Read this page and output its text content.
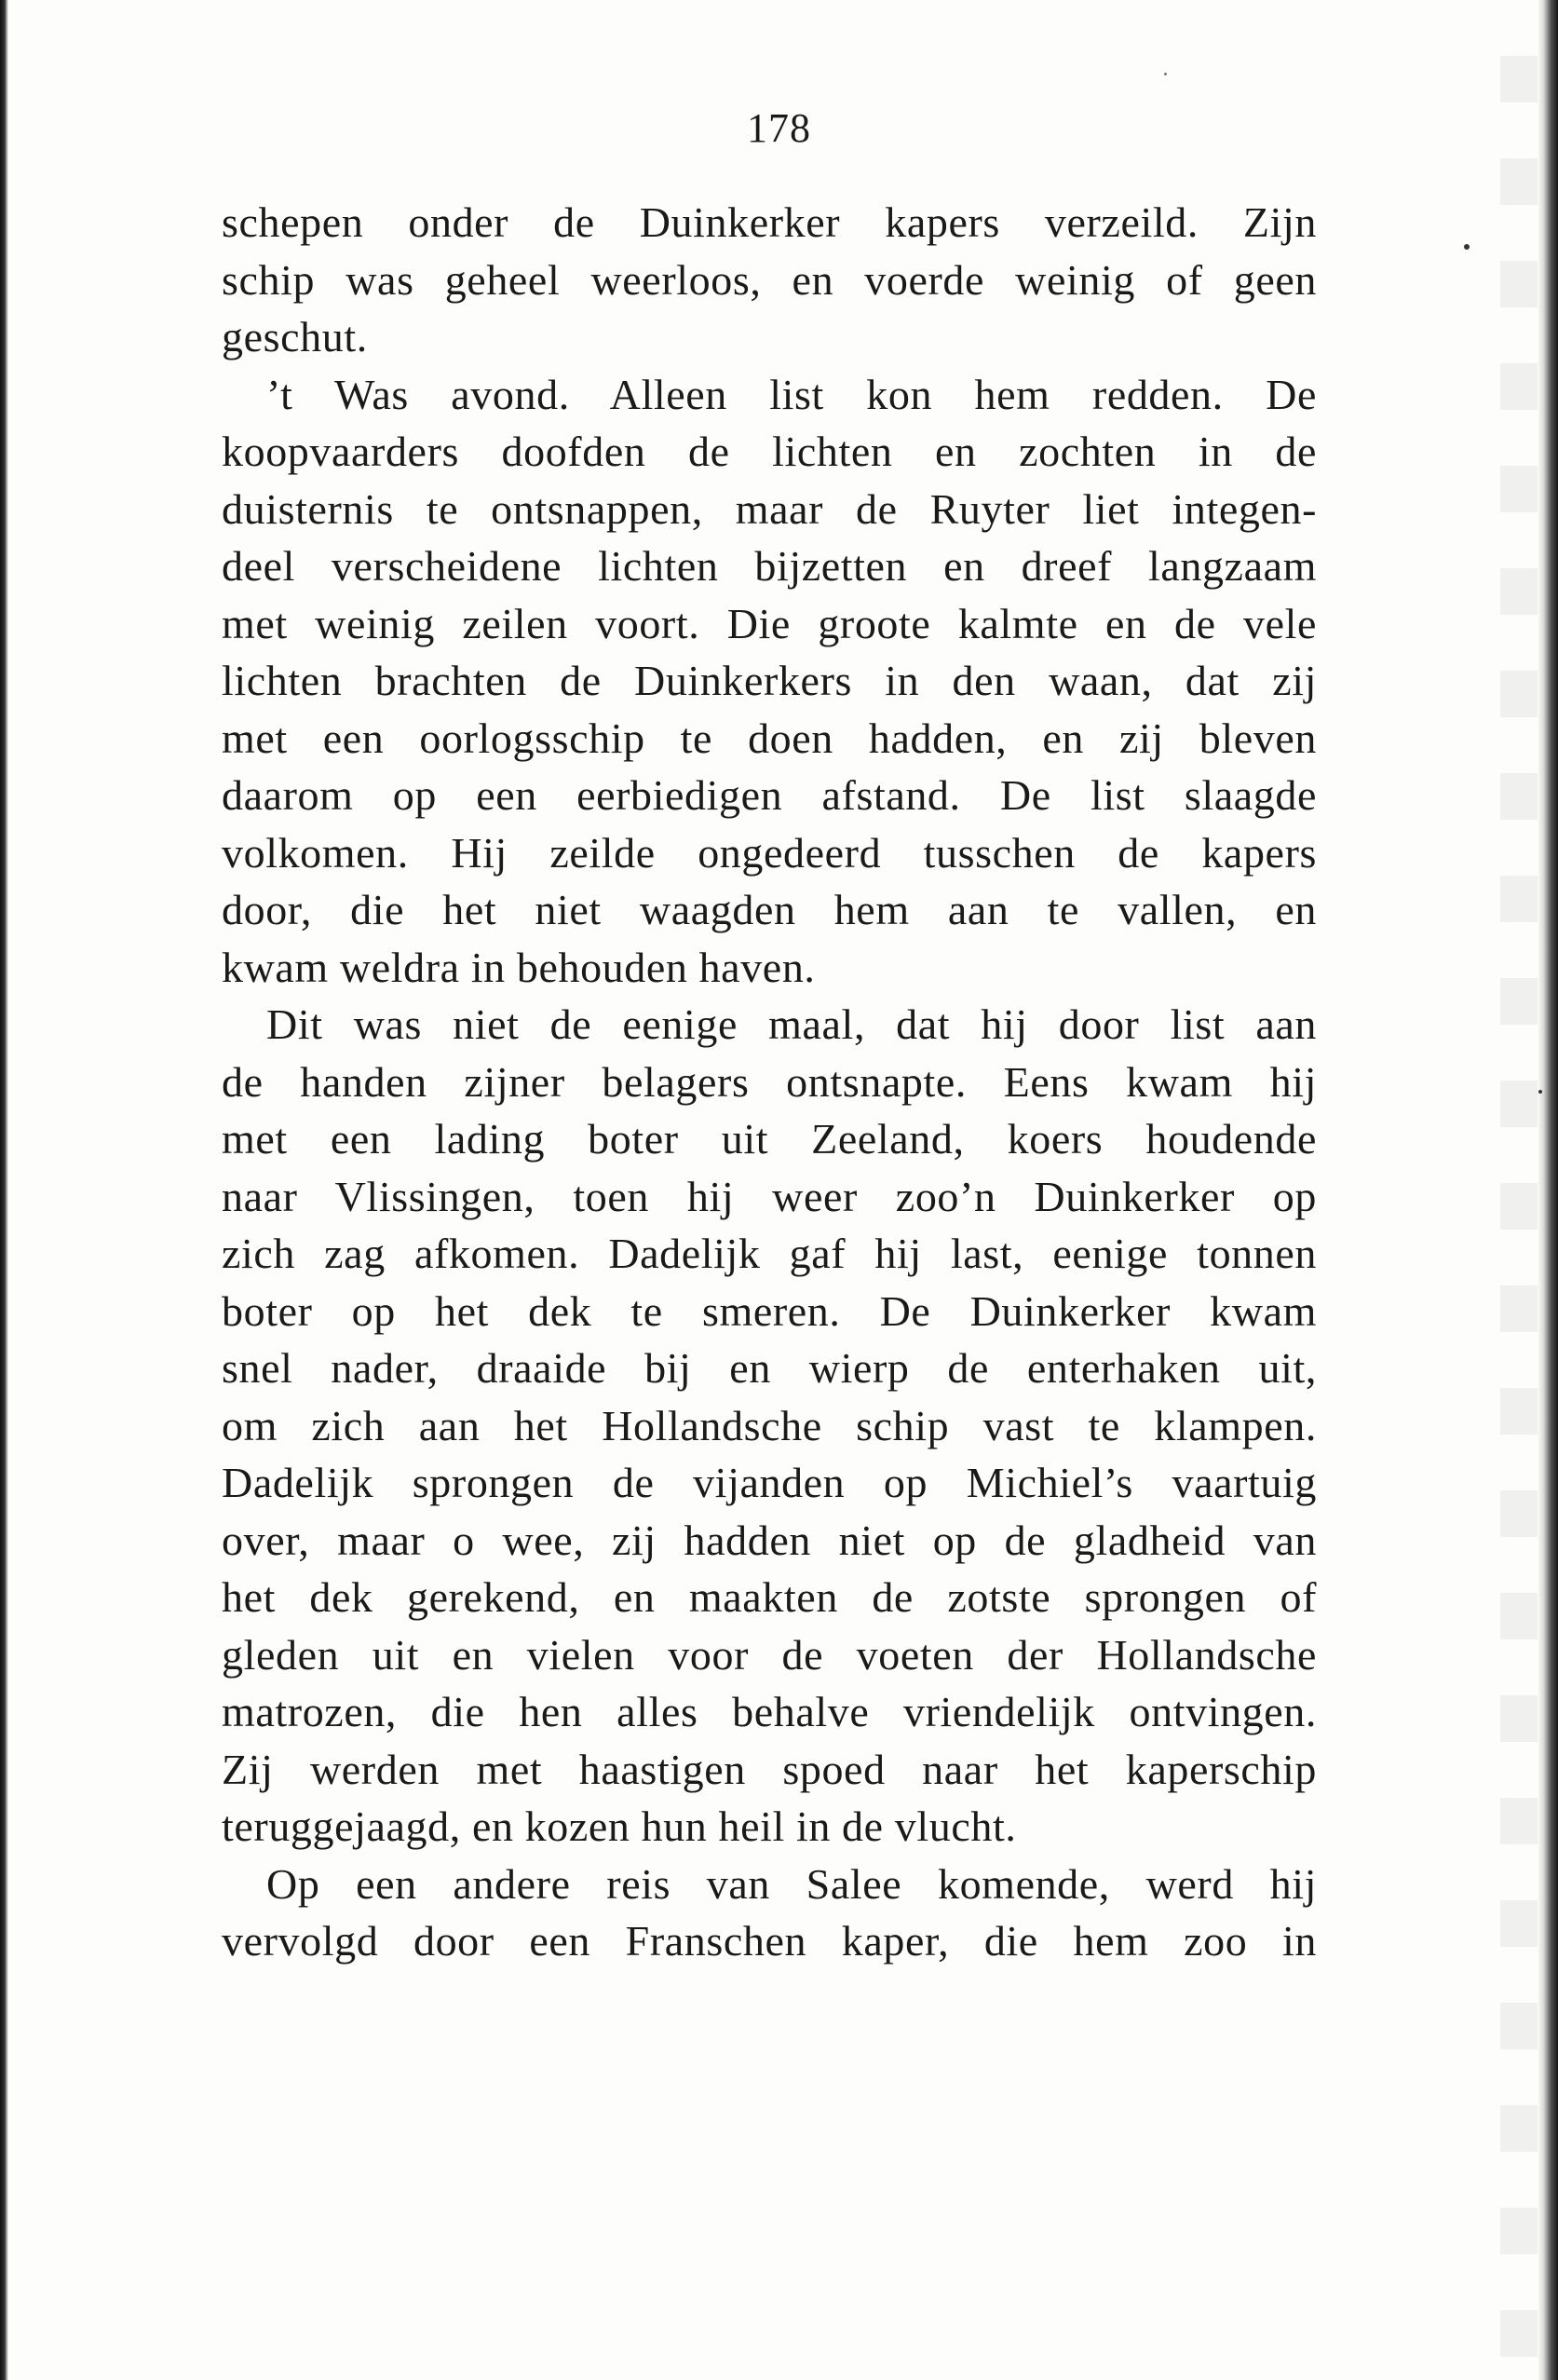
178
schepen onder de Duinkerker kapers verzeild. Zijn
schip was geheel weerloos, en voerde weinig of geen
geschut.
’t Was avond. Alleen list kon hem redden. De
koopvaarders doofden de lichten en zochten in de
duisternis te ontsnappen, maar de Ruyter liet integen-
deel verscheidene lichten bijzetten en dreef langzaam
met weinig zeilen voort. Die groote kalmte en de vele
lichten brachten de Duinkerkers in den waan, dat zij
met een oorlogsschip te doen hadden, en zij bleven
daarom op een eerbiedigen afstand. De list slaagde
volkomen. Hij zeilde ongedeerd tusschen de kapers
door, die het niet waagden hem aan te vallen, en
kwam weldra in behouden haven.
Dit was niet de eenige maal, dat hij door list aan
de handen zijner belagers ontsnapte. Eens kwam hij
met een lading boter uit Zeeland, koers houdende
naar Vlissingen, toen hij weer zoo’n Duinkerker op
zich zag afkomen. Dadelijk gaf hij last, eenige tonnen
boter op het dek te smeren. De Duinkerker kwam
snel nader, draaide bij en wierp de enterhaken uit,
om zich aan het Hollandsche schip vast te klampen.
Dadelijk sprongen de vijanden op Michiel’s vaartuig
over, maar o wee, zij hadden niet op de gladheid van
het dek gerekend, en maakten de zotste sprongen of
gleden uit en vielen voor de voeten der Hollandsche
matrozen, die hen alles behalve vriendelijk ontvingen.
Zij werden met haastigen spoed naar het kaperschip
teruggejaagd, en kozen hun heil in de vlucht.
Op een andere reis van Salee komende, werd hij
vervolgd door een Franschen kaper, die hem zoo in
